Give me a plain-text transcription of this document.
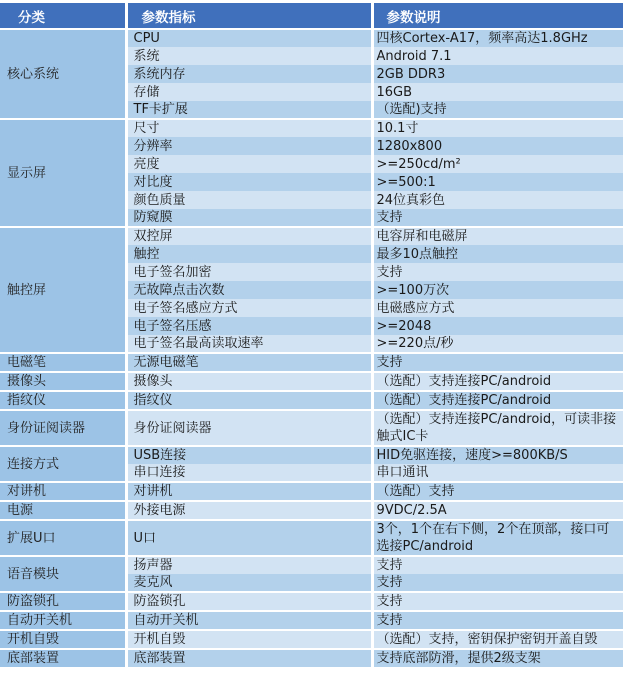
分类	参数指标	参数说明
核心系统	CPU	四核Cortex-A17，频率高达1.8GHz
	系统	Android 7.1
	系统内存	2GB DDR3
	存储	16GB
	TF卡扩展	（选配)支持
显示屏	尺寸	10.1寸
	分辨率	1280x800
	亮度	>=250cd/m²
	对比度	>=500:1
	颜色质量	24位真彩色
	防窥膜	支持
触控屏	双控屏	电容屏和电磁屏
	触控	最多10点触控
	电子签名加密	支持
	无故障点击次数	>=100万次
	电子签名感应方式	电磁感应方式
	电子签名压感	>=2048
	电子签名最高读取速率	>=220点/秒
电磁笔	无源电磁笔	支持
摄像头	摄像头	（选配）支持连接PC/android
指纹仪	指纹仪	（选配）支持连接PC/android
身份证阅读器	身份证阅读器	（选配）支持连接PC/android，可读非接触式IC卡
连接方式	USB连接	HID免驱连接，速度>=800KB/S
	串口连接	串口通讯
对讲机	对讲机	（选配）支持
电源	外接电源	9VDC/2.5A
扩展U口	U口	3个，1个在右下侧，2个在顶部，接口可选接PC/android
语音模块	扬声器	支持
	麦克风	支持
防盗锁孔	防盗锁孔	支持
自动开关机	自动开关机	支持
开机自毁	开机自毁	（选配）支持，密钥保护密钥开盖自毁
底部装置	底部装置	支持底部防滑，提供2级支架
